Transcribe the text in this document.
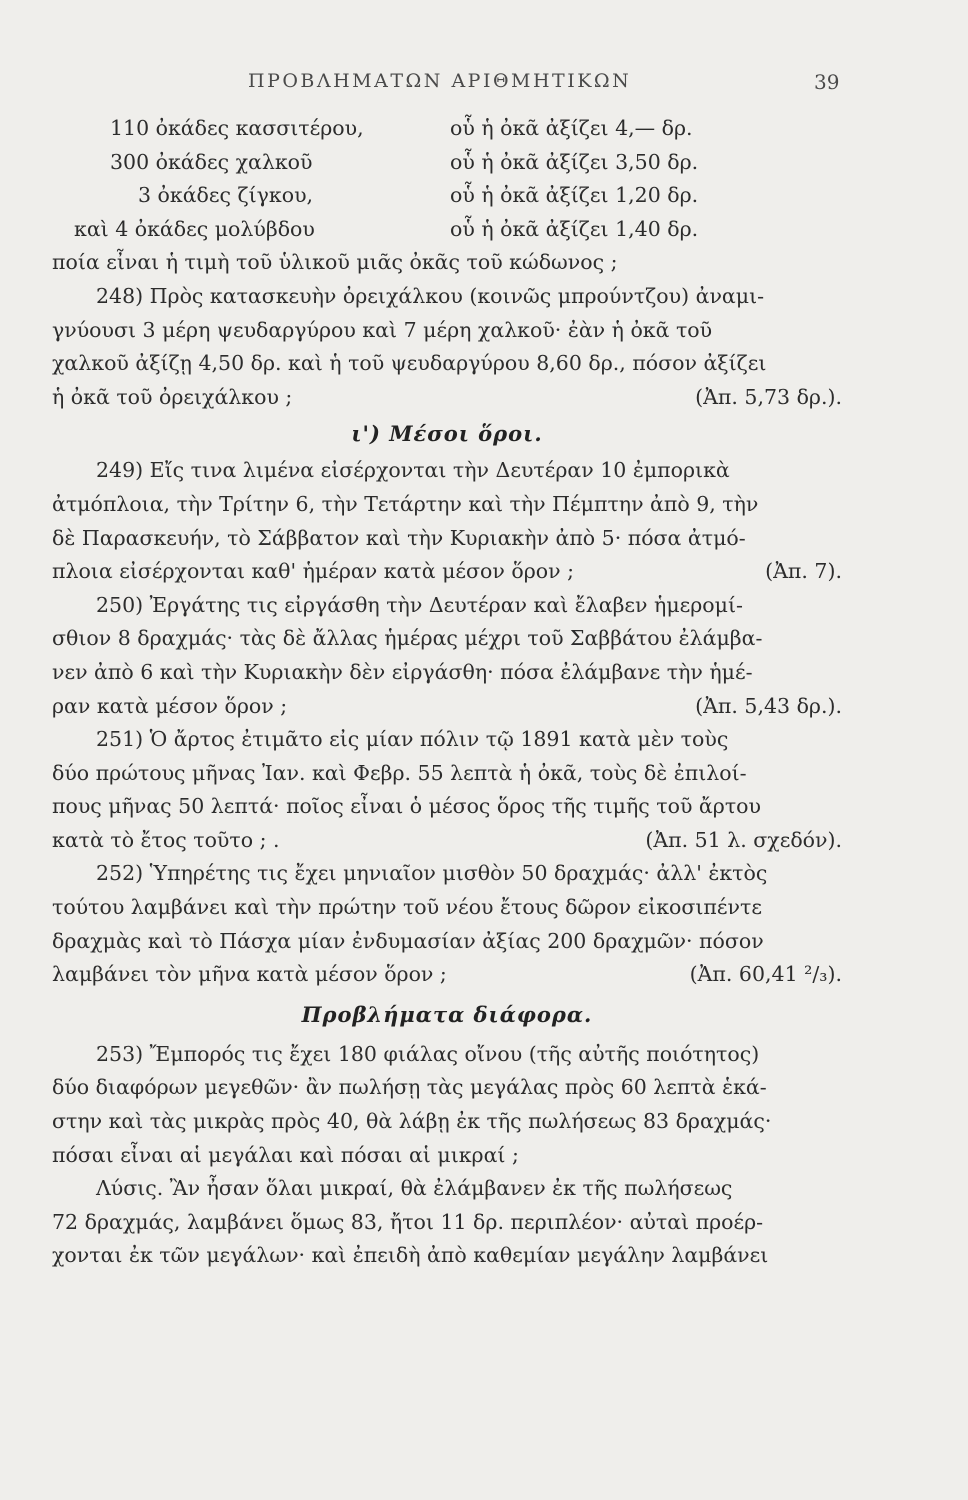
ΠΡΟΒΛΗΜΑΤΩΝ ΑΡΙΘΜΗΤΙΚΩΝ	39
110 ὀκάδες κασσιτέρου,	οὗ ἡ ὀκᾶ ἀξίζει 4,— δρ.
300 ὀκάδες χαλκοῦ	οὗ ἡ ὀκᾶ ἀξίζει 3,50 δρ.
3 ὀκάδες ζίγκου,	οὗ ἡ ὀκᾶ ἀξίζει 1,20 δρ.
καὶ 4 ὀκάδες μολύβδου	οὗ ἡ ὀκᾶ ἀξίζει 1,40 δρ.
ποία εἶναι ἡ τιμὴ τοῦ ὑλικοῦ μιᾶς ὀκᾶς τοῦ κώδωνος ;
248) Πρὸς κατασκευὴν ὀρειχάλκου (κοινῶς μπρούντζου) ἀναμι-
γνύουσι 3 μέρη ψευδαργύρου καὶ 7 μέρη χαλκοῦ· ἐὰν ἡ ὀκᾶ τοῦ
χαλκοῦ ἀξίζῃ 4,50 δρ. καὶ ἡ τοῦ ψευδαργύρου 8,60 δρ., πόσον ἀξίζει
ἡ ὀκᾶ τοῦ ὀρειχάλκου ;	(Ἀπ. 5,73 δρ.).
ι') Μέσοι ὅροι.
249) Εἴς τινα λιμένα εἰσέρχονται τὴν Δευτέραν 10 ἐμπορικὰ
ἀτμόπλοια, τὴν Τρίτην 6, τὴν Τετάρτην καὶ τὴν Πέμπτην ἀπὸ 9, τὴν
δὲ Παρασκευήν, τὸ Σάββατον καὶ τὴν Κυριακὴν ἀπὸ 5· πόσα ἀτμό-
πλοια εἰσέρχονται καθ' ἡμέραν κατὰ μέσον ὅρον ;	(Ἀπ. 7).
250) Ἐργάτης τις εἰργάσθη τὴν Δευτέραν καὶ ἔλαβεν ἡμερομί-
σθιον 8 δραχμάς· τὰς δὲ ἄλλας ἡμέρας μέχρι τοῦ Σαββάτου ἐλάμβα-
νεν ἀπὸ 6 καὶ τὴν Κυριακὴν δὲν εἰργάσθη· πόσα ἐλάμβανε τὴν ἡμέ-
ραν κατὰ μέσον ὅρον ;	(Ἀπ. 5,43 δρ.).
251) Ὁ ἄρτος ἐτιμᾶτο εἰς μίαν πόλιν τῷ 1891 κατὰ μὲν τοὺς
δύο πρώτους μῆνας Ἰαν. καὶ Φεβρ. 55 λεπτὰ ἡ ὀκᾶ, τοὺς δὲ ἐπιλοί-
πους μῆνας 50 λεπτά· ποῖος εἶναι ὁ μέσος ὅρος τῆς τιμῆς τοῦ ἄρτου
κατὰ τὸ ἔτος τοῦτο ; .	(Ἀπ. 51 λ. σχεδόν).
252) Ὑπηρέτης τις ἔχει μηνιαῖον μισθὸν 50 δραχμάς· ἀλλ' ἐκτὸς
τούτου λαμβάνει καὶ τὴν πρώτην τοῦ νέου ἔτους δῶρον εἰκοσιπέντε
δραχμὰς καὶ τὸ Πάσχα μίαν ἐνδυμασίαν ἀξίας 200 δραχμῶν· πόσον
λαμβάνει τὸν μῆνα κατὰ μέσον ὅρον ;	(Ἀπ. 60,41 ²/₃).
Προβλήματα διάφορα.
253) Ἔμπορός τις ἔχει 180 φιάλας οἴνου (τῆς αὐτῆς ποιότητος)
δύο διαφόρων μεγεθῶν· ἂν πωλήσῃ τὰς μεγάλας πρὸς 60 λεπτὰ ἑκά-
στην καὶ τὰς μικρὰς πρὸς 40, θὰ λάβῃ ἐκ τῆς πωλήσεως 83 δραχμάς·
πόσαι εἶναι αἱ μεγάλαι καὶ πόσαι αἱ μικραί ;
Λύσις. Ἂν ἦσαν ὅλαι μικραί, θὰ ἐλάμβανεν ἐκ τῆς πωλήσεως
72 δραχμάς, λαμβάνει ὅμως 83, ἤτοι 11 δρ. περιπλέον· αὐταὶ προέρ-
χονται ἐκ τῶν μεγάλων· καὶ ἐπειδὴ ἀπὸ καθεμίαν μεγάλην λαμβάνει
